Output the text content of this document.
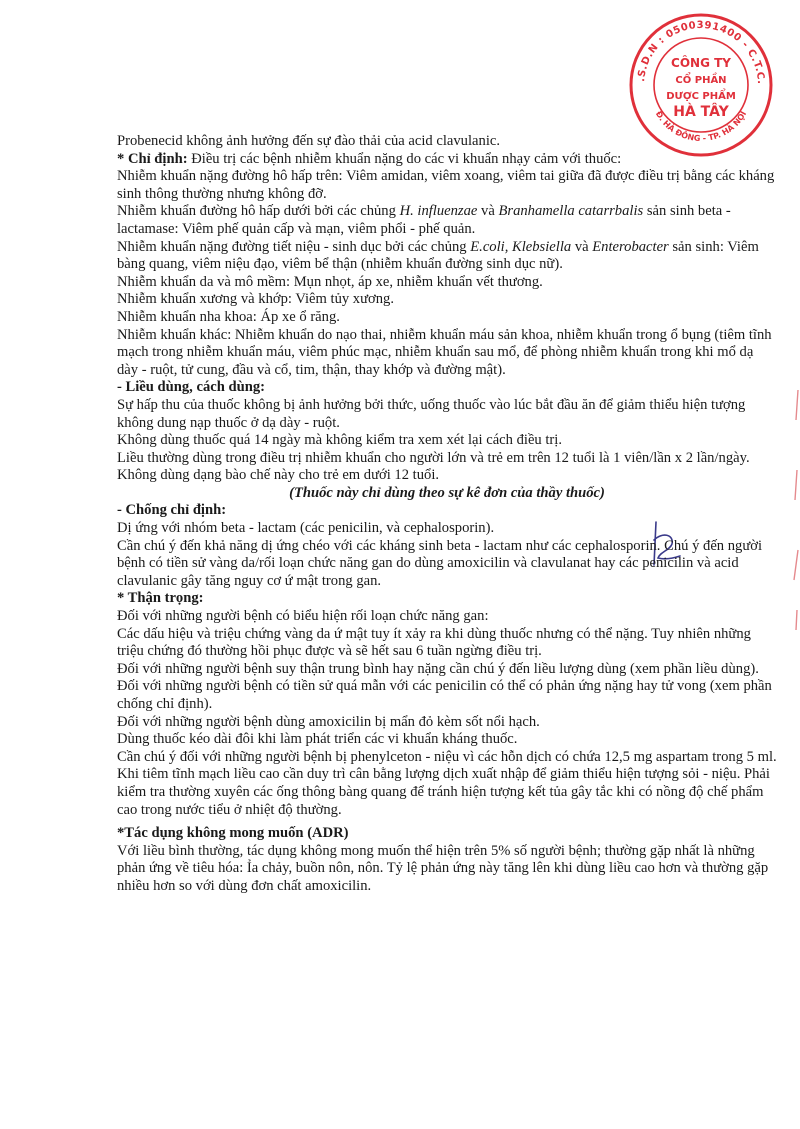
.S.D.N : 0500391400 - C.T.C.
Đ. HÀ ĐÔNG - TP. HÀ NỘI
CÔNG TY
CỔ PHẦN
DƯỢC PHẨM
HÀ TÂY

Probenecid không ảnh hưởng đến sự đào thải của acid clavulanic.

* Chỉ định: Điều trị các bệnh nhiễm khuẩn nặng do các vi khuẩn nhạy cảm với thuốc:

Nhiễm khuẩn nặng đường hô hấp trên: Viêm amidan, viêm xoang, viêm tai giữa đã được điều trị bằng các kháng sinh thông thường nhưng không đỡ.

Nhiễm khuẩn đường hô hấp dưới bởi các chủng H. influenzae và Branhamella catarrbalis sản sinh beta - lactamase: Viêm phế quản cấp và mạn, viêm phổi - phế quản.

Nhiễm khuẩn nặng đường tiết niệu - sinh dục bởi các chủng E.coli, Klebsiella và Enterobacter sản sinh: Viêm bàng quang, viêm niệu đạo, viêm bể thận (nhiễm khuẩn đường sinh dục nữ).

Nhiễm khuẩn da và mô mềm: Mụn nhọt, áp xe, nhiễm khuẩn vết thương.

Nhiễm khuẩn xương và khớp: Viêm tủy xương.

Nhiễm khuẩn nha khoa: Áp xe ổ răng.

Nhiễm khuẩn khác: Nhiễm khuẩn do nạo thai, nhiễm khuẩn máu sản khoa, nhiễm khuẩn trong ổ bụng (tiêm tĩnh mạch trong nhiễm khuẩn máu, viêm phúc mạc, nhiễm khuẩn sau mổ, để phòng nhiễm khuẩn trong khi mổ dạ dày - ruột, tử cung, đầu và cổ, tim, thận, thay khớp và đường mật).

- Liều dùng, cách dùng:

Sự hấp thu của thuốc không bị ảnh hưởng bởi thức, uống thuốc vào lúc bắt đầu ăn để giảm thiểu hiện tượng không dung nạp thuốc ở dạ dày - ruột.

Không dùng thuốc quá 14 ngày mà không kiểm tra xem xét lại cách điều trị.

Liều thường dùng trong điều trị nhiễm khuẩn cho người lớn và trẻ em trên 12 tuổi là 1 viên/lần x 2 lần/ngày.

Không dùng dạng bào chế này cho trẻ em dưới 12 tuổi.

(Thuốc này chỉ dùng theo sự kê đơn của thầy thuốc)

- Chống chỉ định:

Dị ứng với nhóm beta - lactam (các penicilin, và cephalosporin).

Cần chú ý đến khả năng dị ứng chéo với các kháng sinh beta - lactam như các cephalosporin. Chú ý đến người bệnh có tiền sử vàng da/rối loạn chức năng gan do dùng amoxicilin và clavulanat hay các penicilin và acid clavulanic gây tăng nguy cơ ứ mật trong gan.

* Thận trọng:

Đối với những người bệnh có biểu hiện rối loạn chức năng gan:

Các dấu hiệu và triệu chứng vàng da ứ mật tuy ít xảy ra khi dùng thuốc nhưng có thể nặng. Tuy nhiên những triệu chứng đó thường hồi phục được và sẽ hết sau 6 tuần ngừng điều trị.

Đối với những người bệnh suy thận trung bình hay nặng cần chú ý đến liều lượng dùng (xem phần liều dùng).

Đối với những người bệnh có tiền sử quá mẫn với các penicilin có thể có phản ứng nặng hay tử vong (xem phần chống chỉ định).

Đối với những người bệnh dùng amoxicilin bị mẩn đỏ kèm sốt nổi hạch.

Dùng thuốc kéo dài đôi khi làm phát triển các vi khuẩn kháng thuốc.

Cần chú ý đối với những người bệnh bị phenylceton - niệu vì các hỗn dịch có chứa 12,5 mg aspartam trong 5 ml.

Khi tiêm tĩnh mạch liều cao cần duy trì cân bằng lượng dịch xuất nhập để giảm thiểu hiện tượng sỏi - niệu. Phải kiểm tra thường xuyên các ống thông bàng quang để tránh hiện tượng kết tủa gây tắc khi có nồng độ chế phẩm cao trong nước tiểu ở nhiệt độ thường.

*Tác dụng không mong muốn (ADR)

Với liều bình thường, tác dụng không mong muốn thể hiện trên 5% số người bệnh; thường gặp nhất là những phản ứng về tiêu hóa: Ỉa chảy, buồn nôn, nôn. Tỷ lệ phản ứng này tăng lên khi dùng liều cao hơn và thường gặp nhiều hơn so với dùng đơn chất amoxicilin.
